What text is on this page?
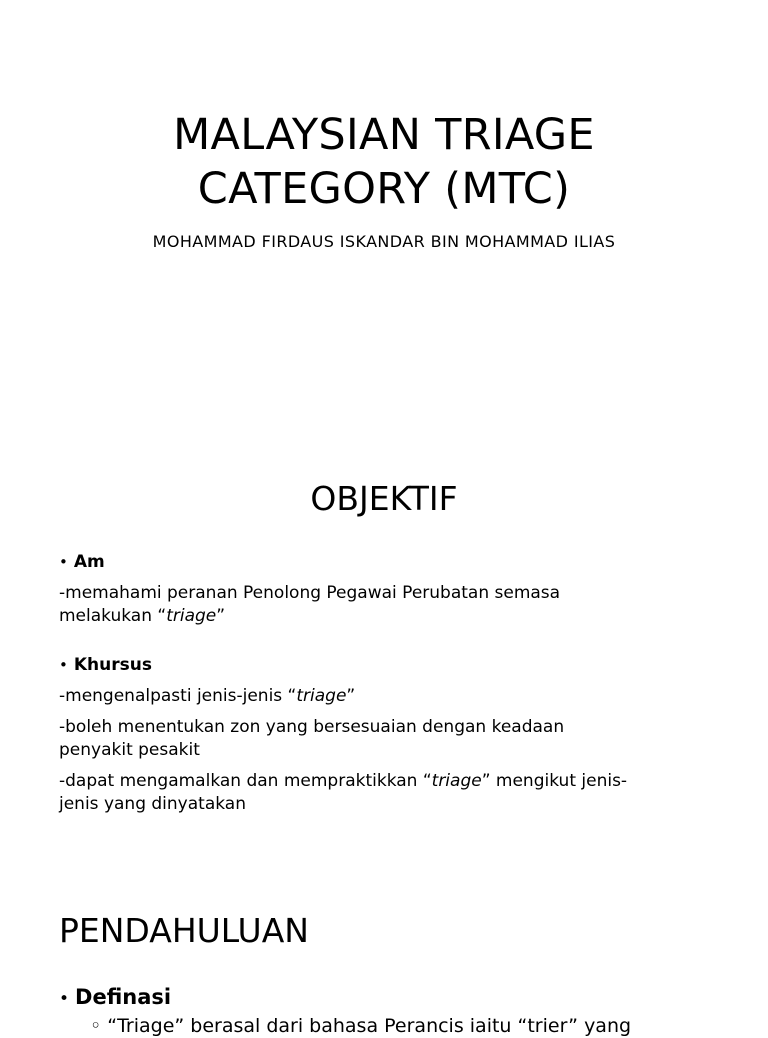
MALAYSIAN TRIAGE
CATEGORY (MTC)
MOHAMMAD FIRDAUS ISKANDAR BIN MOHAMMAD ILIAS
OBJEKTIF
• Am

-memahami peranan Penolong Pegawai Perubatan semasa
melakukan “triage”

• Khursus

-mengenalpasti jenis-jenis “triage”

-boleh menentukan zon yang bersesuaian dengan keadaan
penyakit pesakit

-dapat mengamalkan dan mempraktikkan “triage” mengikut jenis-
jenis yang dinyatakan

PENDAHULUAN
• Definasi
◦ “Triage” berasal dari bahasa Perancis iaitu “trier” yang
